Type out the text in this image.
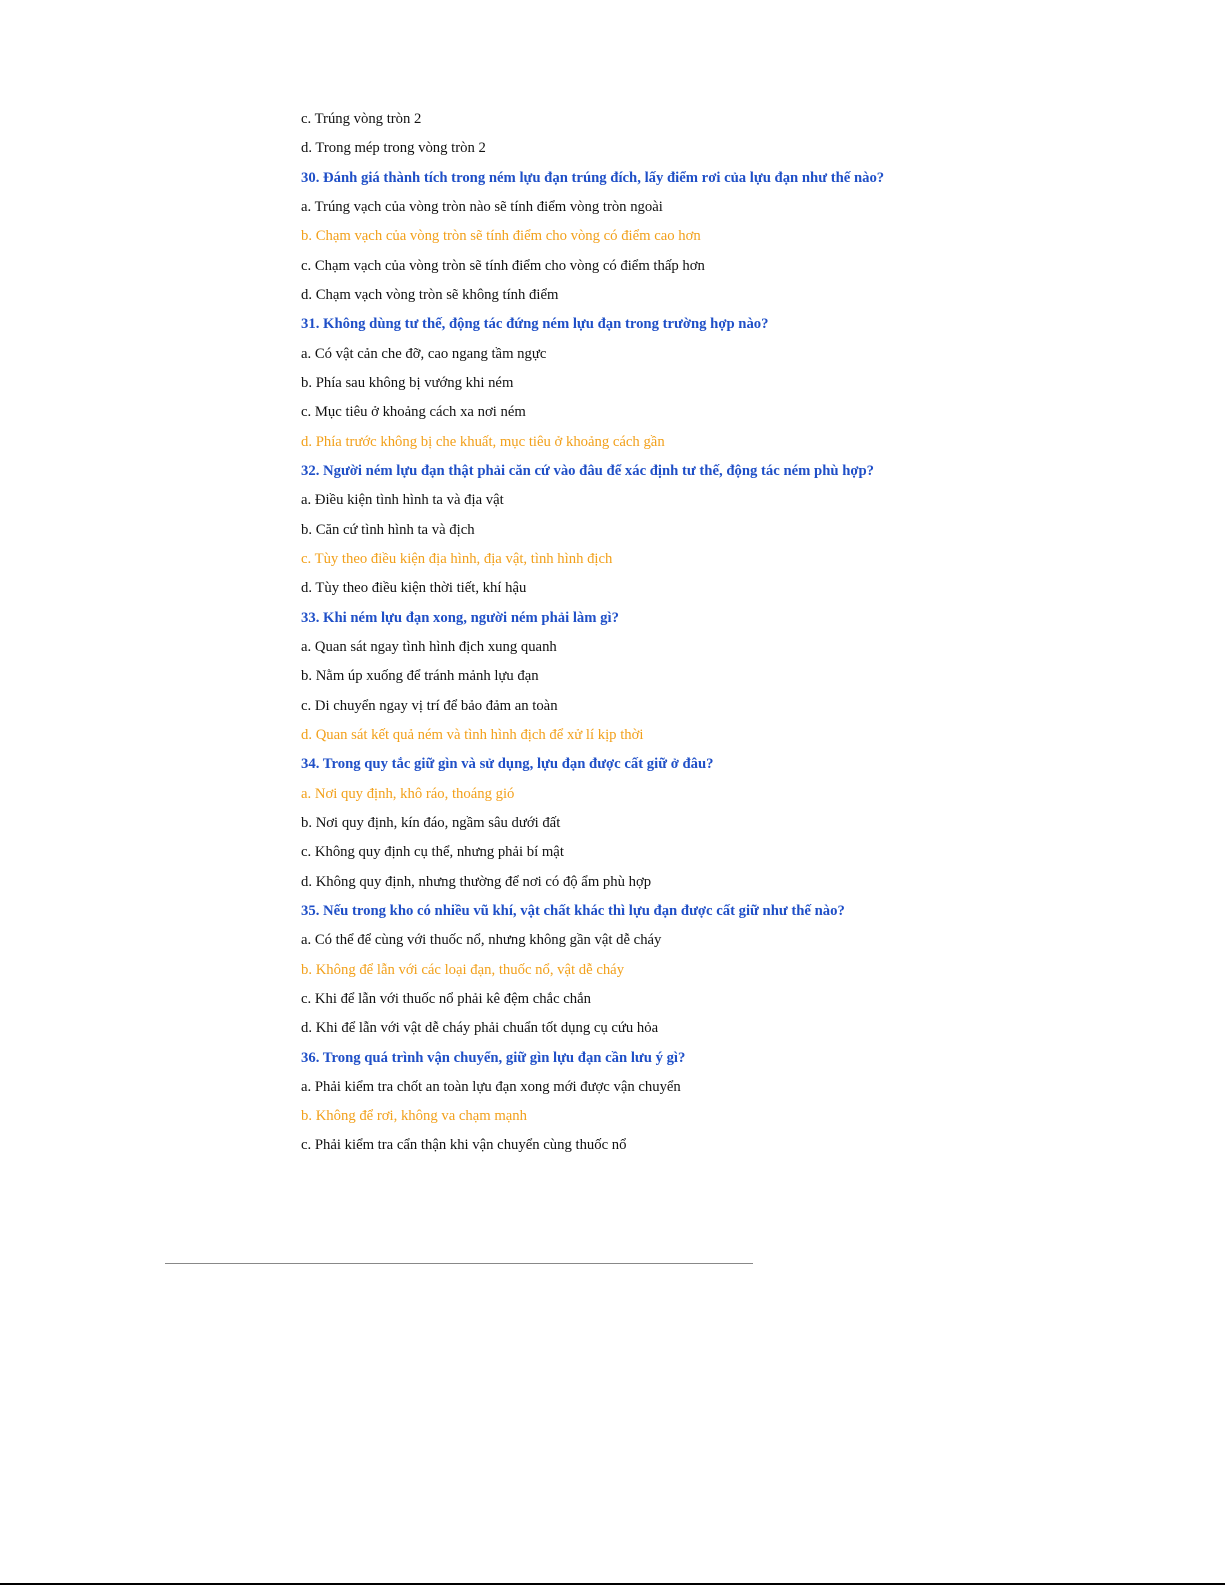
c. Trúng vòng tròn 2
d. Trong mép trong vòng tròn 2
30. Đánh giá thành tích trong ném lựu đạn trúng đích, lấy điểm rơi của lựu đạn như thế nào?
a. Trúng vạch của vòng tròn nào sẽ tính điểm vòng tròn ngoài
b. Chạm vạch của vòng tròn sẽ tính điểm cho vòng có điểm cao hơn
c. Chạm vạch của vòng tròn sẽ tính điểm cho vòng có điểm thấp hơn
d. Chạm vạch vòng tròn sẽ không tính điểm
31. Không dùng tư thế, động tác đứng ném lựu đạn trong trường hợp nào?
a. Có vật cản che đỡ, cao ngang tầm ngực
b. Phía sau không bị vướng khi ném
c. Mục tiêu ở khoảng cách xa nơi ném
d. Phía trước không bị che khuất, mục tiêu ở khoảng cách gần
32. Người ném lựu đạn thật phải căn cứ vào đâu để xác định tư thế, động tác ném phù hợp?
a. Điều kiện tình hình ta và địa vật
b. Căn cứ tình hình ta và địch
c. Tùy theo điều kiện địa hình, địa vật, tình hình địch
d. Tùy theo điều kiện thời tiết, khí hậu
33. Khi ném lựu đạn xong, người ném phải làm gì?
a. Quan sát ngay tình hình địch xung quanh
b. Nằm úp xuống để tránh mảnh lựu đạn
c. Di chuyển ngay vị trí để bảo đảm an toàn
d. Quan sát kết quả ném và tình hình địch để xử lí kịp thời
34. Trong quy tắc giữ gìn và sử dụng, lựu đạn được cất giữ ở đâu?
a. Nơi quy định, khô ráo, thoáng gió
b. Nơi quy định, kín đáo, ngầm sâu dưới đất
c. Không quy định cụ thể, nhưng phải bí mật
d. Không quy định, nhưng thường để nơi có độ ẩm phù hợp
35. Nếu trong kho có nhiều vũ khí, vật chất khác thì lựu đạn được cất giữ như thế nào?
a. Có thể để cùng với thuốc nổ, nhưng không gần vật dễ cháy
b. Không để lẫn với các loại đạn, thuốc nổ, vật dễ cháy
c. Khi để lẫn với thuốc nổ phải kê đệm chắc chắn
d. Khi để lẫn với vật dễ cháy phải chuẩn tốt dụng cụ cứu hỏa
36. Trong quá trình vận chuyển, giữ gìn lựu đạn cần lưu ý gì?
a. Phải kiểm tra chốt an toàn lựu đạn xong mới được vận chuyển
b. Không để rơi, không va chạm mạnh
c. Phải kiểm tra cẩn thận khi vận chuyển cùng thuốc nổ
